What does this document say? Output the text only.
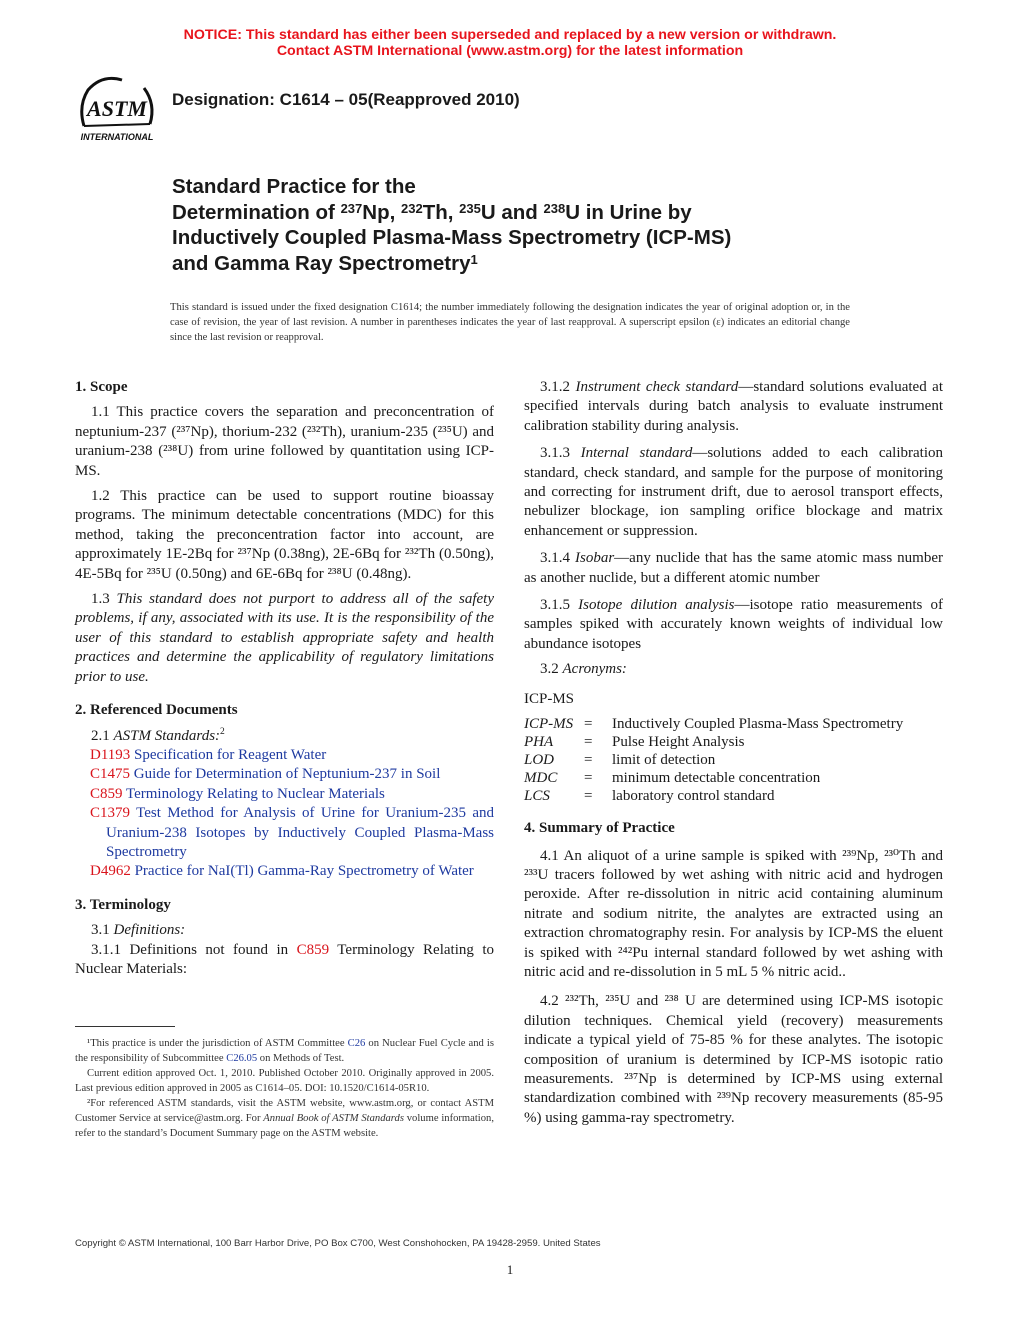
NOTICE: This standard has either been superseded and replaced by a new version or withdrawn.
Contact ASTM International (www.astm.org) for the latest information
ASTM
INTERNATIONAL
Designation: C1614 – 05(Reapproved 2010)
Standard Practice for the
Determination of $^{237}$Np, $^{232}$Th, $^{235}$U and $^{238}$U in Urine by
Inductively Coupled Plasma-Mass Spectrometry (ICP-MS)
and Gamma Ray Spectrometry$^1$
This standard is issued under the fixed designation C1614; the number immediately following the designation indicates the year of original adoption or, in the case of revision, the year of last revision. A number in parentheses indicates the year of last reapproval. A superscript epsilon (ε) indicates an editorial change since the last revision or reapproval.
1. Scope

1.1 This practice covers the separation and preconcentration of neptunium-237 (²³⁷Np), thorium-232 (²³²Th), uranium-235 (²³⁵U) and uranium-238 (²³⁸U) from urine followed by quantitation using ICP-MS.

1.2 This practice can be used to support routine bioassay programs. The minimum detectable concentrations (MDC) for this method, taking the preconcentration factor into account, are approximately 1E-2Bq for ²³⁷Np (0.38ng), 2E-6Bq for ²³²Th (0.50ng), 4E-5Bq for ²³⁵U (0.50ng) and 6E-6Bq for ²³⁸U (0.48ng).

1.3 This standard does not purport to address all of the safety problems, if any, associated with its use. It is the responsibility of the user of this standard to establish appropriate safety and health practices and determine the applicability of regulatory limitations prior to use.

2. Referenced Documents

2.1 ASTM Standards:$^2$

D1193 Specification for Reagent Water

C1475 Guide for Determination of Neptunium-237 in Soil

C859 Terminology Relating to Nuclear Materials

C1379 Test Method for Analysis of Urine for Uranium-235 and Uranium-238 Isotopes by Inductively Coupled Plasma-Mass Spectrometry

D4962 Practice for NaI(Tl) Gamma-Ray Spectrometry of Water

3. Terminology

3.1 Definitions:

3.1.1 Definitions not found in C859 Terminology Relating to Nuclear Materials:

3.1.2 Instrument check standard—standard solutions evaluated at specified intervals during batch analysis to evaluate instrument calibration stability during analysis.

3.1.3 Internal standard—solutions added to each calibration standard, check standard, and sample for the purpose of monitoring and correcting for instrument drift, due to aerosol transport effects, nebulizer blockage, ion sampling orifice blockage and matrix enhancement or suppression.

3.1.4 Isobar—any nuclide that has the same atomic mass number as another nuclide, but a different atomic number

3.1.5 Isotope dilution analysis—isotope ratio measurements of samples spiked with accurately known weights of individual low abundance isotopes

3.2 Acronyms:

ICP-MS

ICP-MS =	Inductively Coupled Plasma-Mass Spectrometry
PHA	=	Pulse Height Analysis
LOD	=	limit of detection
MDC	=	minimum detectable concentration
LCS	=	laboratory control standard
4. Summary of Practice

4.1 An aliquot of a urine sample is spiked with ²³⁹Np, ²³⁰Th and ²³³U tracers followed by wet ashing with nitric acid and hydrogen peroxide. After re-dissolution in nitric acid containing aluminum nitrate and sodium nitrite, the analytes are extracted using an extraction chromatography resin. For analysis by ICP-MS the eluent is spiked with ²⁴²Pu internal standard followed by wet ashing with nitric acid and re-dissolution in 5 mL 5 % nitric acid..

4.2 ²³²Th, ²³⁵U and ²³⁸ U are determined using ICP-MS isotopic dilution techniques. Chemical yield (recovery) measurements indicate a typical yield of 75-85 % for these analytes. The isotopic composition of uranium is determined by ICP-MS isotopic ratio measurements. ²³⁷Np is determined by ICP-MS using external standardization combined with ²³⁹Np recovery measurements (85-95 %) using gamma-ray spectrometry.

¹This practice is under the jurisdiction of ASTM Committee C26 on Nuclear Fuel Cycle and is the responsibility of Subcommittee C26.05 on Methods of Test.

Current edition approved Oct. 1, 2010. Published October 2010. Originally approved in 2005. Last previous edition approved in 2005 as C1614–05. DOI: 10.1520/C1614-05R10.

²For referenced ASTM standards, visit the ASTM website, www.astm.org, or contact ASTM Customer Service at service@astm.org. For Annual Book of ASTM Standards volume information, refer to the standard’s Document Summary page on the ASTM website.

Copyright © ASTM International, 100 Barr Harbor Drive, PO Box C700, West Conshohocken, PA 19428-2959. United States
1
